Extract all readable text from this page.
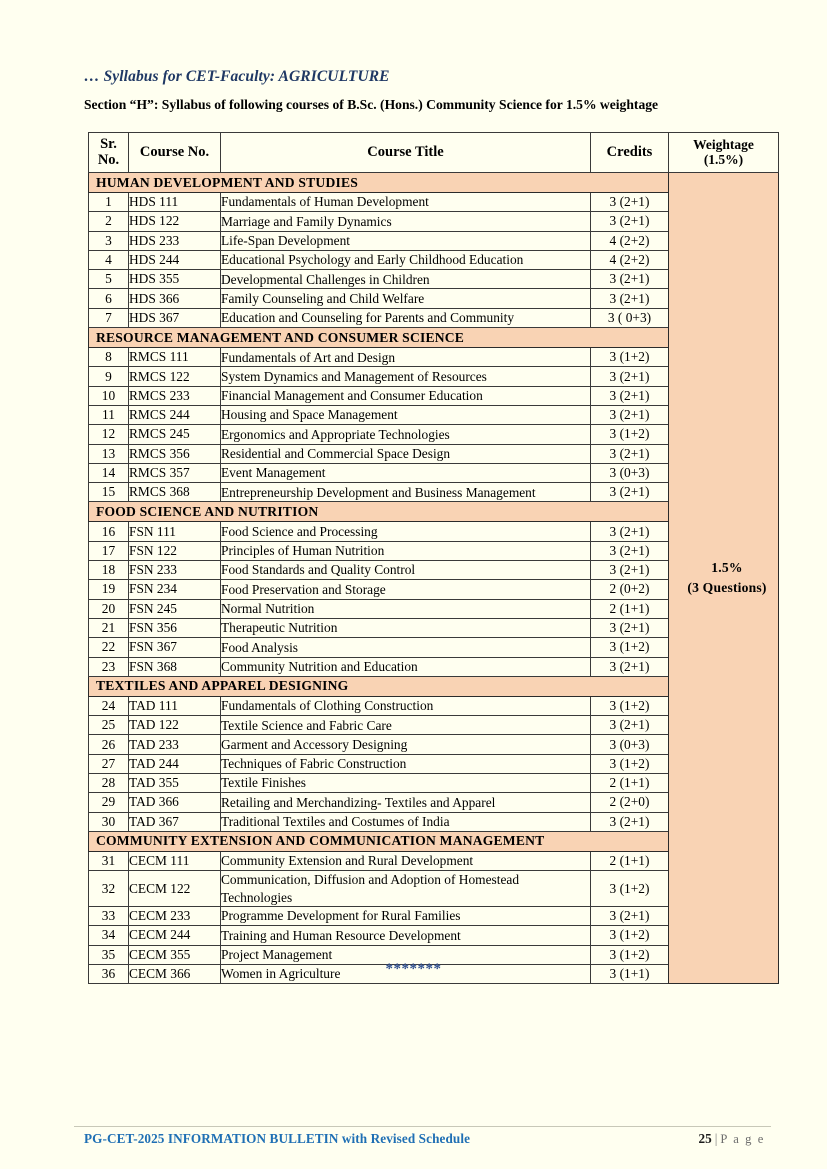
… Syllabus for CET-Faculty: AGRICULTURE
Section “H”: Syllabus of following courses of B.Sc. (Hons.) Community Science for 1.5% weightage
Sr.
No.	Course No.	Course Title	Credits	Weightage
(1.5%)

HUMAN DEVELOPMENT AND STUDIES				1.5%
(3 Questions)

1	HDS 111	Fundamentals of Human Development	3 (2+1)	
2	HDS 122	Marriage and Family Dynamics	3 (2+1)	
3	HDS 233	Life-Span Development	4 (2+2)	
4	HDS 244	Educational Psychology and Early Childhood Education	4 (2+2)	
5	HDS 355	Developmental Challenges in Children	3 (2+1)	
6	HDS 366	Family Counseling and Child Welfare	3 (2+1)	
7	HDS 367	Education and Counseling for Parents and Community	3 ( 0+3)	
RESOURCE MANAGEMENT AND CONSUMER SCIENCE				
8	RMCS 111	Fundamentals of Art and Design	3 (1+2)	
9	RMCS 122	System Dynamics and Management of Resources	3 (2+1)	
10	RMCS 233	Financial Management and Consumer Education	3 (2+1)	
11	RMCS 244	Housing and Space Management	3 (2+1)	
12	RMCS 245	Ergonomics and Appropriate Technologies	3 (1+2)	
13	RMCS 356	Residential and Commercial Space Design	3 (2+1)	
14	RMCS 357	Event Management	3 (0+3)	
15	RMCS 368	Entrepreneurship Development and Business Management	3 (2+1)	
FOOD SCIENCE AND NUTRITION				
16	FSN 111	Food Science and Processing	3 (2+1)	
17	FSN 122	Principles of Human Nutrition	3 (2+1)	
18	FSN 233	Food Standards and Quality Control	3 (2+1)	
19	FSN 234	Food Preservation and Storage	2 (0+2)	
20	FSN 245	Normal Nutrition	2 (1+1)	
21	FSN 356	Therapeutic Nutrition	3 (2+1)	
22	FSN 367	Food Analysis	3 (1+2)	
23	FSN 368	Community Nutrition and Education	3 (2+1)	
TEXTILES AND APPAREL DESIGNING				
24	TAD 111	Fundamentals of Clothing Construction	3 (1+2)	
25	TAD 122	Textile Science and Fabric Care	3 (2+1)	
26	TAD 233	Garment and Accessory Designing	3 (0+3)	
27	TAD 244	Techniques of Fabric Construction	3 (1+2)	
28	TAD 355	Textile Finishes	2 (1+1)	
29	TAD 366	Retailing and Merchandizing- Textiles and Apparel	2 (2+0)	
30	TAD 367	Traditional Textiles and Costumes of India	3 (2+1)	
COMMUNITY EXTENSION AND COMMUNICATION MANAGEMENT				
31	CECM 111	Community Extension and Rural Development	2 (1+1)	
32	CECM 122	Communication, Diffusion and Adoption of Homestead Technologies	3 (1+2)	
33	CECM 233	Programme Development for Rural Families	3 (2+1)	
34	CECM 244	Training and Human Resource Development	3 (1+2)	
35	CECM 355	Project Management	3 (1+2)	
36	CECM 366	Women in Agriculture	3 (1+1)	
*******
PG-CET-2025 INFORMATION BULLETIN with Revised Schedule	25 | P a g e
